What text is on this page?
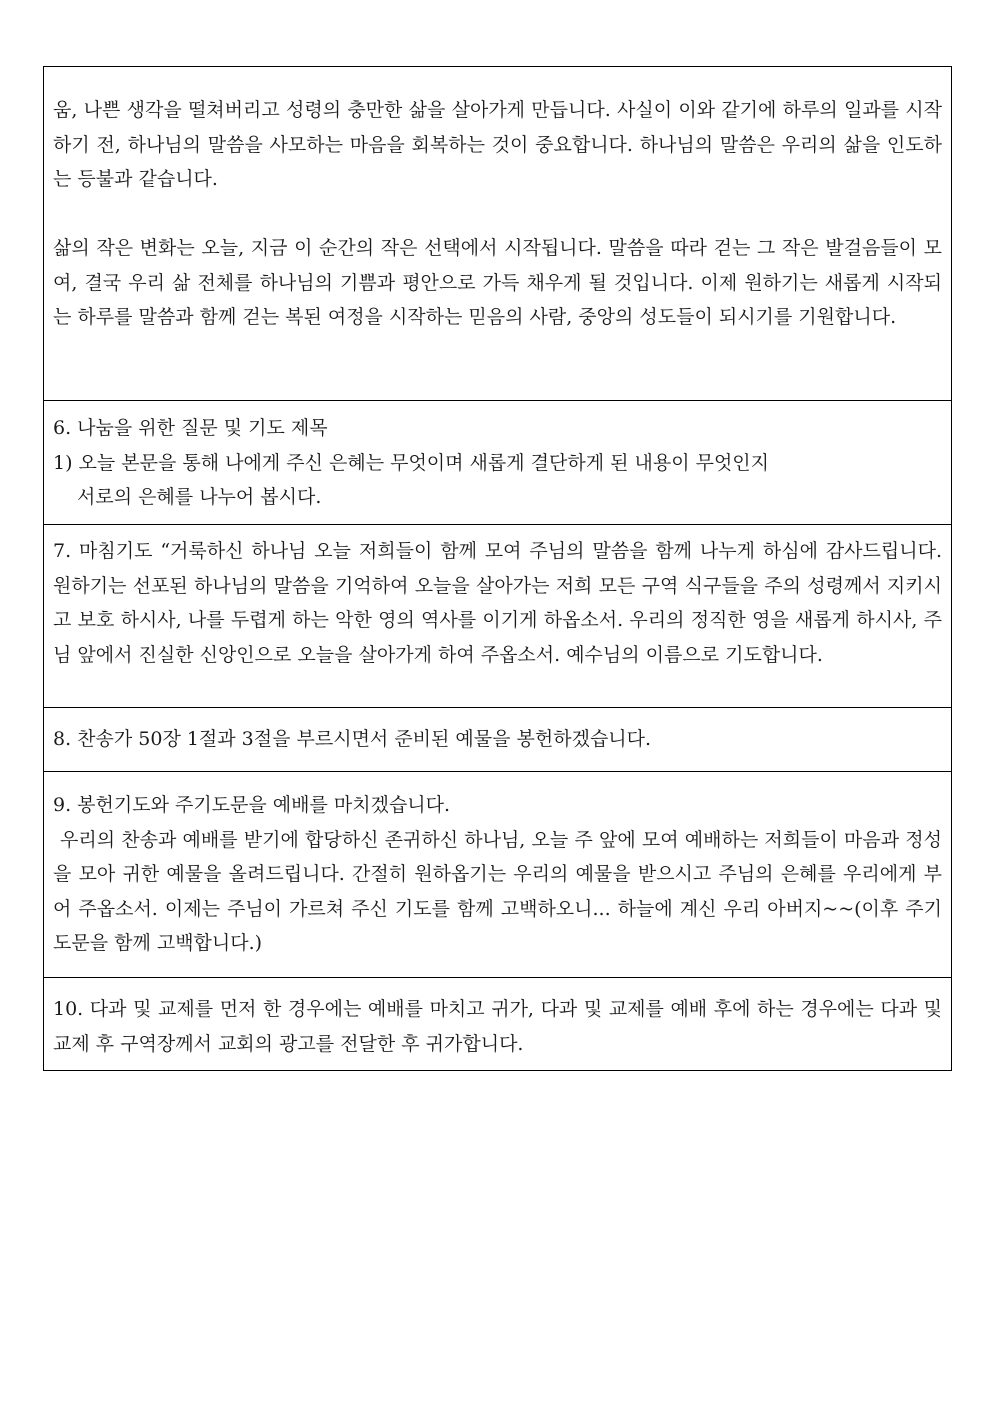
움, 나쁜 생각을 떨쳐버리고 성령의 충만한 삶을 살아가게 만듭니다. 사실이 이와 같기에 하루의 일과를 시작하기 전, 하나님의 말씀을 사모하는 마음을 회복하는 것이 중요합니다. 하나님의 말씀은 우리의 삶을 인도하는 등불과 같습니다.

삶의 작은 변화는 오늘, 지금 이 순간의 작은 선택에서 시작됩니다. 말씀을 따라 걷는 그 작은 발걸음들이 모여, 결국 우리 삶 전체를 하나님의 기쁨과 평안으로 가득 채우게 될 것입니다. 이제 원하기는 새롭게 시작되는 하루를 말씀과 함께 걷는 복된 여정을 시작하는 믿음의 사람, 중앙의 성도들이 되시기를 기원합니다.

6. 나눔을 위한 질문 및 기도 제목
1) 오늘 본문을 통해 나에게 주신 은혜는 무엇이며 새롭게 결단하게 된 내용이 무엇인지
서로의 은혜를 나누어 봅시다.

7. 마침기도 “거룩하신 하나님 오늘 저희들이 함께 모여 주님의 말씀을 함께 나누게 하심에 감사드립니다. 원하기는 선포된 하나님의 말씀을 기억하여 오늘을 살아가는 저희 모든 구역 식구들을 주의 성령께서 지키시고 보호 하시사, 나를 두렵게 하는 악한 영의 역사를 이기게 하옵소서. 우리의 정직한 영을 새롭게 하시사, 주님 앞에서 진실한 신앙인으로 오늘을 살아가게 하여 주옵소서. 예수님의 이름으로 기도합니다.

8. 찬송가 50장 1절과 3절을 부르시면서 준비된 예물을 봉헌하겠습니다.
9. 봉헌기도와 주기도문을 예배를 마치겠습니다.

우리의 찬송과 예배를 받기에 합당하신 존귀하신 하나님, 오늘 주 앞에 모여 예배하는 저희들이 마음과 정성을 모아 귀한 예물을 올려드립니다. 간절히 원하옵기는 우리의 예물을 받으시고 주님의 은혜를 우리에게 부어 주옵소서. 이제는 주님이 가르쳐 주신 기도를 함께 고백하오니... 하늘에 계신 우리 아버지~~(이후 주기도문을 함께 고백합니다.)

10. 다과 및 교제를 먼저 한 경우에는 예배를 마치고 귀가, 다과 및 교제를 예배 후에 하는 경우에는 다과 및 교제 후 구역장께서 교회의 광고를 전달한 후 귀가합니다.
